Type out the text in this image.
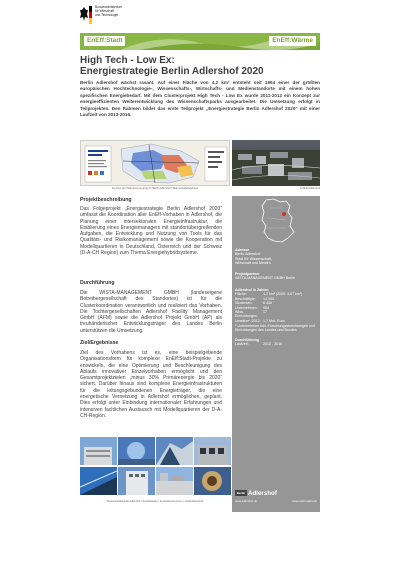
Bundesministerium
für Wirtschaft
und Technologie
EnEff:Stadt	EnEff:Wärme
High Tech - Low Ex:
Energiestrategie Berlin Adlershof 2020

Berlin Adlershof wächst rasant. Auf einer Fläche von 4,2 km² entsteht seit 1994 einer der größten europäischen Hochtechnologie-, Wissenschafts-, Wirtschafts- und Medienstandorte mit einem hohen spezifischen Energiebedarf. Mit dem Clusterprojekt High Tech - Low Ex wurde 2011-2012 ein Konzept zur energieeffizienten Weiterentwicklung des Wissenschaftsparks ausgearbeitet. Die Umsetzung erfolgt in Teilprojekten. Den Rahmen bildet das erste Teilprojekt „Energiestrategie Berlin Adlershof 2020“ mit einer Laufzeit von 2013-2016.

Konzept der Wärmeversorgung für Berlin Adlershof / Wärmebedarfsgebiete	Luftbild Adlershof
Projektbeschreibung
Das Folgeprojekt „Energiestrategie Berlin Adlershof 2020“ umfasst die Koordination aller EnEff-Vorhaben in Adlershof, die Planung einer intersektoralen Energieinfrastruktur, die Etablierung eines Energiemanagers mit standortübergreifenden Aufgaben, die Entwicklung und Nutzung von Tools für das Qualitäts- und Risikomanagement sowie die Kooperation mit Modellquartieren in Deutschland, Österreich und der Schweiz (D-A-CH Region) zum Thema Energiehybridsysteme.
Durchführung
Die WISTA-MANAGEMENT GMBH (landeseigene Betreibergesellschaft des Standortes) ist für die Clusterkoordination verantwortlich und realisiert das Vorhaben. Die Tochtergesellschaften Adlershof Facility Management GmbH (AFM) sowie die Adlershof Projekt GmbH (AP) als treuhänderischer Entwicklungsträger des Landes Berlin unterstützen die Umsetzung.
Ziel/Ergebnisse
Ziel des Vorhabens ist es, eine beispielgebende Organisationsform für komplexe EnEff:Stadt-Projekte zu entwickeln, die eine Optimierung und Beschleunigung des Ablaufs innovativer Einzelvorhaben ermöglicht und den Gesamtprojektzielen „minus 30% Primärenergie bis 2020“ sichert. Darüber hinaus sind komplexe Energieinfrastrukturen für die leitungsgebundenen Energieträger, die eine energetische Vernetzung in Adlershof ermöglichen, geplant. Dies erfolgt unter Einbindung internationaler Erfahrungen und intensiven fachlichen Austausch mit Modellquartieren der D-A-CH-Region.
Adresse
Berlin Adlershof
Stadt für Wissenschaft,
Wirtschaft und Medien
Projektpartner
WISTA-MANAGEMENT GMBH Berlin
Adlershof in Zahlen
Fläche:	4,2 km² (2000: 4,67 km²)
Beschäftigte:	14.943
Studenten:	6.436
Unternehmen:	954
Wiss. Einrichtungen:
17
Umsätze* 2012: 1,7 Mrd. Euro
* Unternehmen inkl. Forschungseinrichtungen und Einrichtungen des Landes und Bundes
Durchführung
Laufzeit:	2013 - 2016
Berlin Adlershof
www.adlershof.de	www.eneff-stadt.info
Wissenschaftsstadt Adlershof / Solarfassade / Innovationszentrum / Gebäudetechnik
